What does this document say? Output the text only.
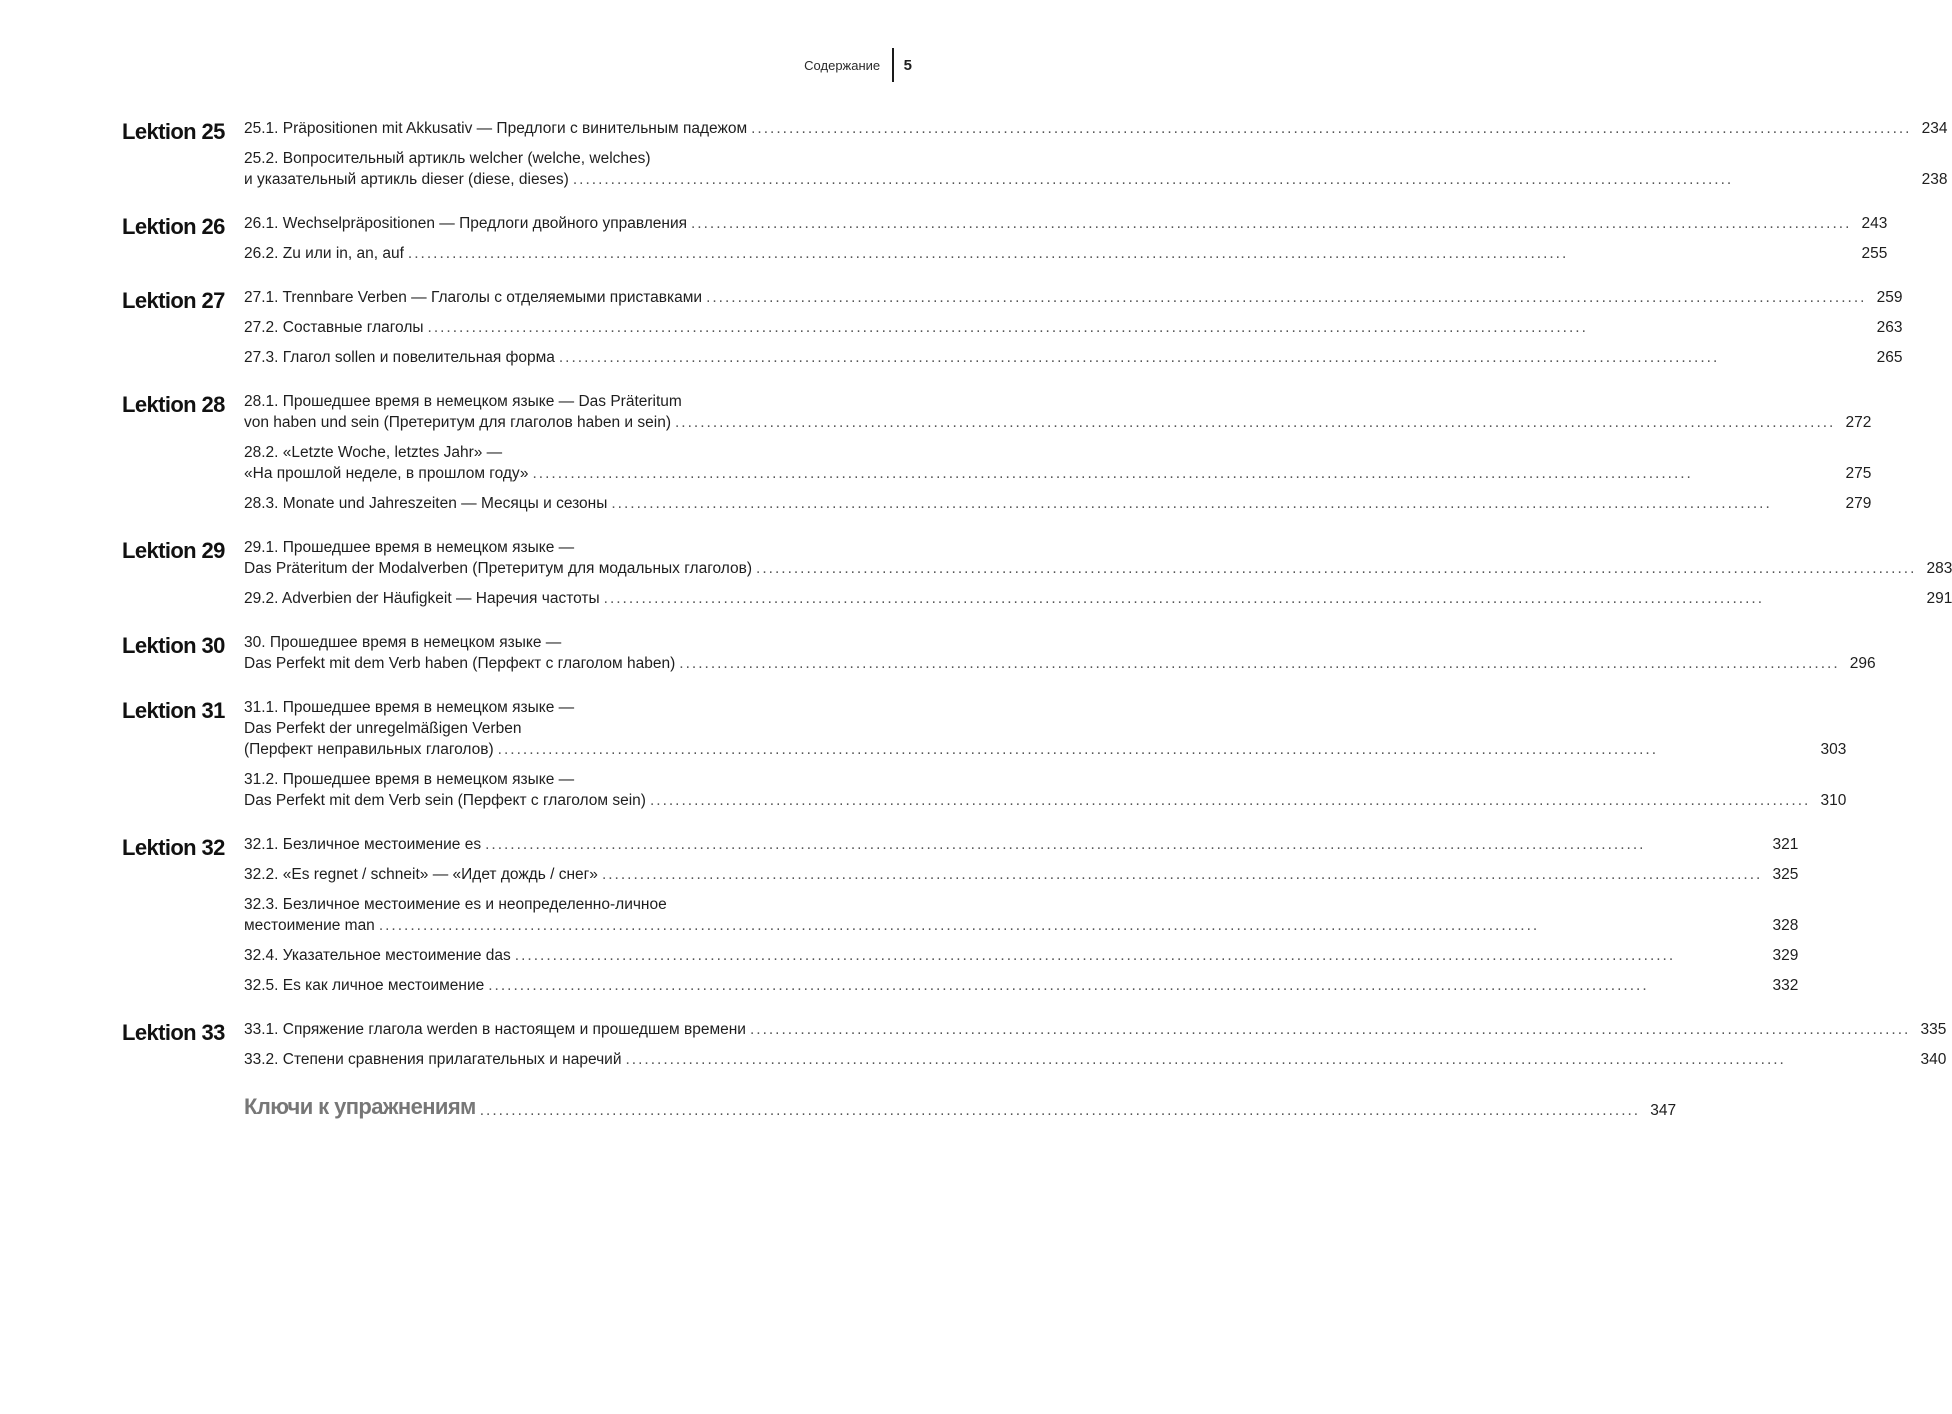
Содержание	5
Lektion 25	25.1. Präpositionen mit Akkusativ — Предлоги с винительным падежом .....	234
25.2. Вопросительный артикль welcher (welche, welches)
и указательный артикль dieser (diese, dieses) .....	238
Lektion 26	26.1. Wechselpräpositionen — Предлоги двойного управления .....	243
26.2. Zu или in, an, auf .....	255
Lektion 27	27.1. Trennbare Verben — Глаголы с отделяемыми приставками .....	259
27.2. Составные глаголы .....	263
27.3. Глагол sollen и повелительная форма .....	265
Lektion 28	28.1. Прошедшее время в немецком языке — Das Präteritum
von haben und sein (Претеритум для глаголов haben и sein) .....	272
28.2. «Letzte Woche, letztes Jahr» —
«На прошлой неделе, в прошлом году» .....	275
28.3. Monate und Jahreszeiten — Месяцы и сезоны .....	279
Lektion 29	29.1. Прошедшее время в немецком языке —
Das Präteritum der Modalverben (Претеритум для модальных глаголов) .....	283
29.2. Adverbien der Häufigkeit — Наречия частоты .....	291
Lektion 30	30. Прошедшее время в немецком языке —
Das Perfekt mit dem Verb haben (Перфект с глаголом haben) .....	296
Lektion 31	31.1. Прошедшее время в немецком языке —
Das Perfekt der unregelmäßigen Verben
(Перфект неправильных глаголов) .....	303
31.2. Прошедшее время в немецком языке —
Das Perfekt mit dem Verb sein (Перфект с глаголом sein) .....	310
Lektion 32	32.1. Безличное местоимение es .....	321
32.2. «Es regnet / schneit» — «Идет дождь / снег» .....	325
32.3. Безличное местоимение es и неопределенно-личное
местоимение man .....	328
32.4. Указательное местоимение das .....	329
32.5. Es как личное местоимение .....	332
Lektion 33	33.1. Спряжение глагола werden в настоящем и прошедшем времени .....	335
33.2. Степени сравнения прилагательных и наречий .....	340
Ключи к упражнениям .....	347
